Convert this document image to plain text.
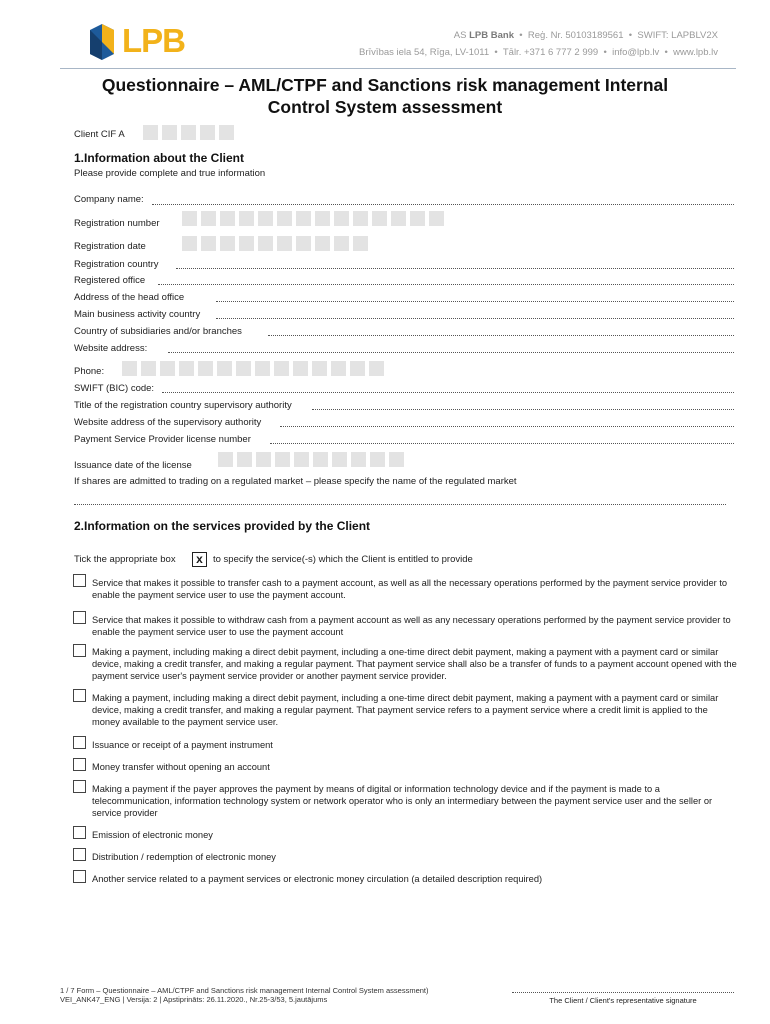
LPB	AS LPB Bank  •  Reģ. Nr. 50103189561  •  SWIFT: LAPBLV2X
Brīvības iela 54, Rīga, LV-1011  •  Tālr. +371 6 777 2 999  •  info@lpb.lv  •  www.lpb.lv
Questionnaire – AML/CTPF and Sanctions risk management Internal Control System assessment
Client CIF A
1.Information about the Client
Please provide complete and true information
Company name:
Registration number
Registration date
Registration country
Registered office
Address of the head office
Main business activity country
Country of subsidiaries and/or branches
Website address:
Phone:
SWIFT (BIC) code:
Title of the registration country supervisory authority
Website address of the supervisory authority
Payment Service Provider license number
Issuance date of the license
If shares are admitted to trading on a regulated market – please specify the name of the regulated market
2.Information on the services provided by the Client
Tick the appropriate box	x	to specify the service(-s) which the Client is entitled to provide
Service that makes it possible to transfer cash to a payment account, as well as all the necessary operations performed by the payment service provider to enable the payment service user to use the payment account.
Service that makes it possible to withdraw cash from a payment account as well as any necessary operations performed by the payment service provider to enable the payment service user to use the payment account
Making a payment, including making a direct debit payment, including a one-time direct debit payment, making a payment with a payment card or similar device, making a credit transfer, and making a regular payment. That payment service shall also be a transfer of funds to a payment account opened with the payment service user's payment service provider or another payment service provider.
Making a payment, including making a direct debit payment, including a one-time direct debit payment, making a payment with a payment card or similar device, making a credit transfer, and making a regular payment. That payment service refers to a payment service where a credit limit is applied to the money available to the payment service user.
Issuance or receipt of a payment instrument
Money transfer without opening an account
Making a payment if the payer approves the payment by means of digital or information technology device and if the payment is made to a telecommunication, information technology system or network operator who is only an intermediary between the payment service user and the seller or service provider
Emission of electronic money
Distribution / redemption of electronic money
Another service related to a payment services or electronic money circulation (a detailed description required)
1 / 7 Form – Questionnaire – AML/CTPF and Sanctions risk management Internal Control System assessment)
VEI_ANK47_ENG | Versija: 2 | Apstiprināts: 26.11.2020., Nr.25-3/53, 5.jautājums	The Client / Client's representative signature
